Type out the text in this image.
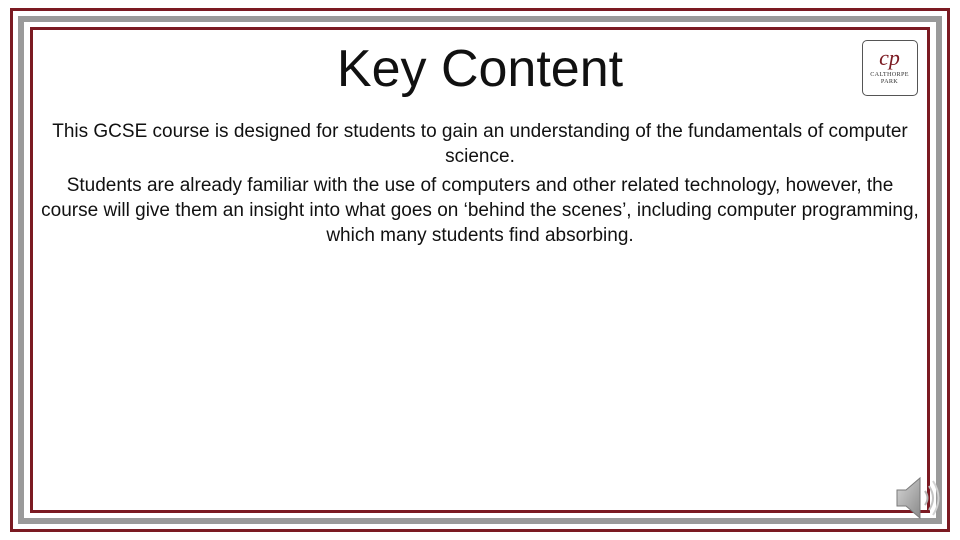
Key Content	cp
CALTHORPE
PARK

This GCSE course is designed for students to gain an understanding of the fundamentals of computer science.

Students are already familiar with the use of computers and other related technology, however, the course will give them an insight into what goes on ‘behind the scenes’, including computer programming, which many students find absorbing.
